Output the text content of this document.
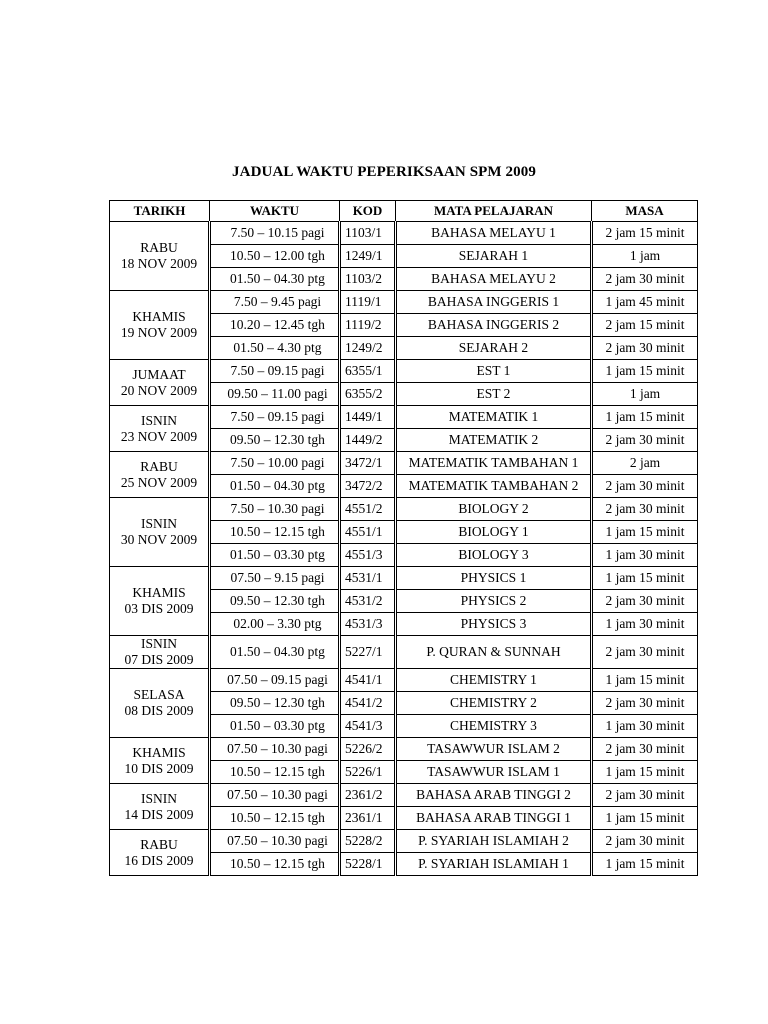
JADUAL WAKTU PEPERIKSAAN SPM 2009
TARIKH	WAKTU	KOD	MATA PELAJARAN	MASA

RABU
18 NOV 2009	7.50 – 10.15 pagi	1103/1	BAHASA MELAYU 1	2 jam 15 minit
	10.50 – 12.00 tgh	1249/1	SEJARAH 1	1 jam
	01.50 – 04.30 ptg	1103/2	BAHASA MELAYU 2	2 jam 30 minit

KHAMIS
19 NOV 2009	7.50 – 9.45 pagi	1119/1	BAHASA INGGERIS 1	1 jam 45 minit
	10.20 – 12.45 tgh	1119/2	BAHASA INGGERIS 2	2 jam 15 minit
	01.50 – 4.30 ptg	1249/2	SEJARAH 2	2 jam 30 minit

JUMAAT
20 NOV 2009	7.50 – 09.15 pagi	6355/1	EST 1	1 jam 15 minit
	09.50 – 11.00 pagi	6355/2	EST 2	1 jam

ISNIN
23 NOV 2009	7.50 – 09.15 pagi	1449/1	MATEMATIK 1	1 jam 15 minit
	09.50 – 12.30 tgh	1449/2	MATEMATIK 2	2 jam 30 minit

RABU
25 NOV 2009	7.50 – 10.00 pagi	3472/1	MATEMATIK TAMBAHAN 1	2 jam
	01.50 – 04.30 ptg	3472/2	MATEMATIK TAMBAHAN 2	2 jam 30 minit

ISNIN
30 NOV 2009	7.50 – 10.30 pagi	4551/2	BIOLOGY 2	2 jam 30 minit
	10.50 – 12.15 tgh	4551/1	BIOLOGY 1	1 jam 15 minit
	01.50 – 03.30 ptg	4551/3	BIOLOGY 3	1 jam 30 minit

KHAMIS
03 DIS 2009	07.50 – 9.15 pagi	4531/1	PHYSICS 1	1 jam 15 minit
	09.50 – 12.30 tgh	4531/2	PHYSICS 2	2 jam 30 minit
	02.00 – 3.30 ptg	4531/3	PHYSICS 3	1 jam 30 minit

ISNIN
07 DIS 2009	01.50 – 04.30 ptg	5227/1	P. QURAN & SUNNAH	2 jam 30 minit

SELASA
08 DIS 2009	07.50 – 09.15 pagi	4541/1	CHEMISTRY 1	1 jam 15 minit
	09.50 – 12.30 tgh	4541/2	CHEMISTRY 2	2 jam 30 minit
	01.50 – 03.30 ptg	4541/3	CHEMISTRY 3	1 jam 30 minit

KHAMIS
10 DIS 2009	07.50 – 10.30 pagi	5226/2	TASAWWUR ISLAM 2	2 jam 30 minit
	10.50 – 12.15 tgh	5226/1	TASAWWUR ISLAM 1	1 jam 15 minit

ISNIN
14 DIS 2009	07.50 – 10.30 pagi	2361/2	BAHASA ARAB TINGGI 2	2 jam 30 minit
	10.50 – 12.15 tgh	2361/1	BAHASA ARAB TINGGI 1	1 jam 15 minit

RABU
16 DIS 2009	07.50 – 10.30 pagi	5228/2	P. SYARIAH ISLAMIAH 2	2 jam 30 minit
	10.50 – 12.15 tgh	5228/1	P. SYARIAH ISLAMIAH 1	1 jam 15 minit
